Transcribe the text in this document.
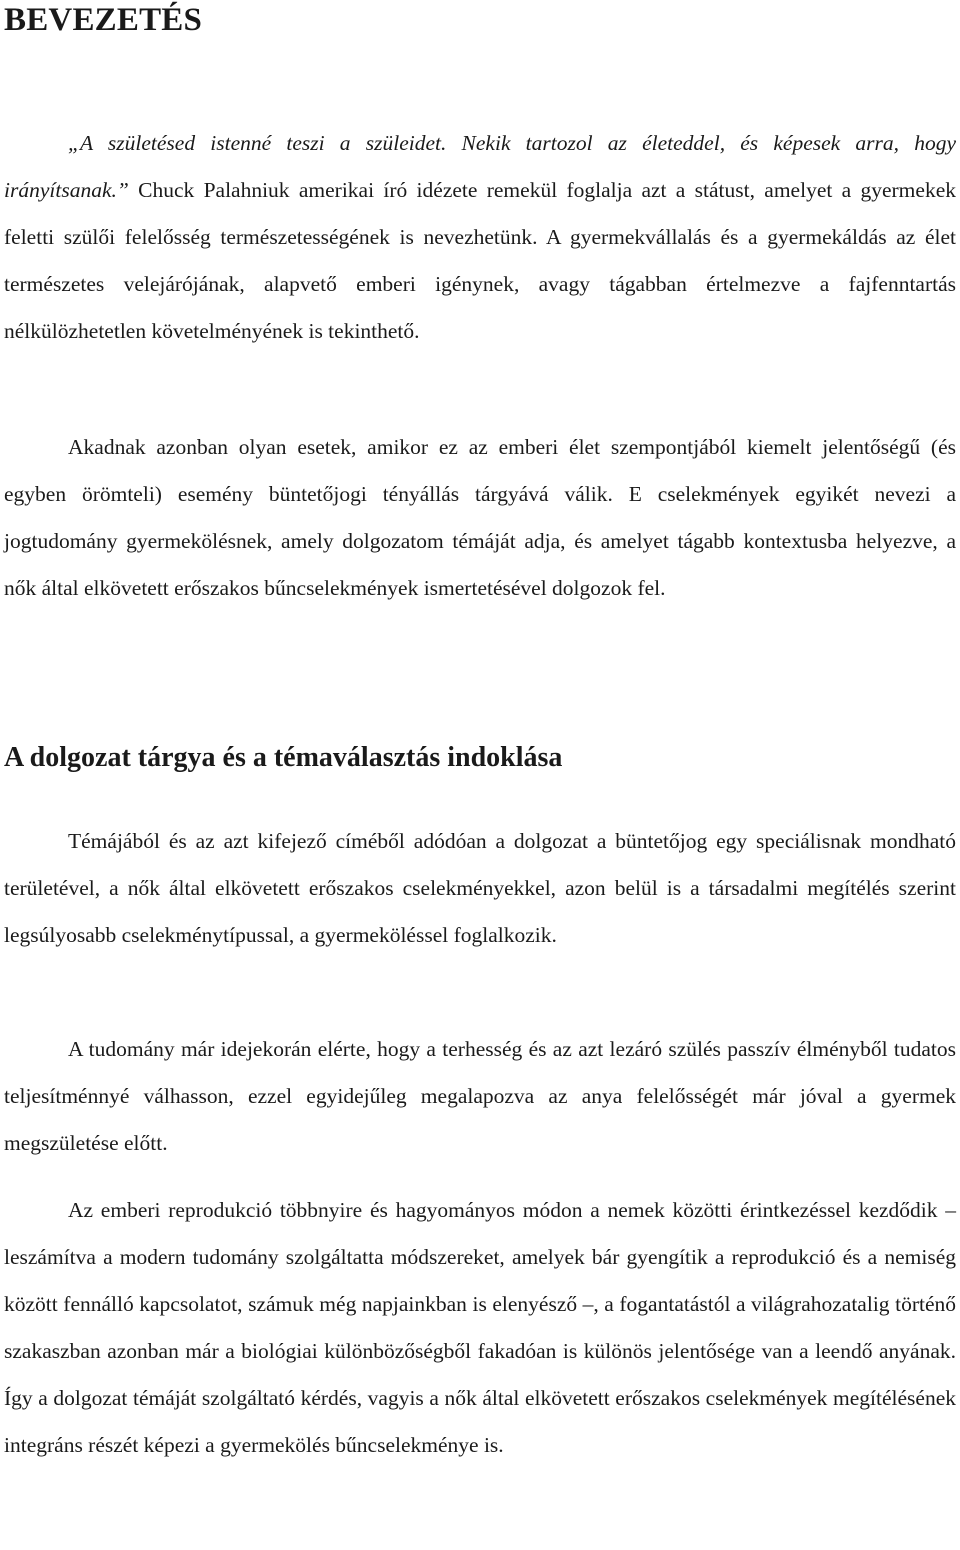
BEVEZETÉS

„A születésed istenné teszi a szüleidet. Nekik tartozol az életeddel, és képesek arra, hogy irányítsanak.” Chuck Palahniuk amerikai író idézete remekül foglalja azt a státust, amelyet a gyermekek feletti szülői felelősség természetességének is nevezhetünk. A gyermekvállalás és a gyermekáldás az élet természetes velejárójának, alapvető emberi igénynek, avagy tágabban értelmezve a fajfenntartás nélkülözhetetlen követelményének is tekinthető.

Akadnak azonban olyan esetek, amikor ez az emberi élet szempontjából kiemelt jelentőségű (és egyben örömteli) esemény büntetőjogi tényállás tárgyává válik. E cselekmények egyikét nevezi a jogtudomány gyermekölésnek, amely dolgozatom témáját adja, és amelyet tágabb kontextusba helyezve, a nők által elkövetett erőszakos bűncselekmények ismertetésével dolgozok fel.

A dolgozat tárgya és a témaválasztás indoklása

Témájából és az azt kifejező címéből adódóan a dolgozat a büntetőjog egy speciálisnak mondható területével, a nők által elkövetett erőszakos cselekményekkel, azon belül is a társadalmi megítélés szerint legsúlyosabb cselekménytípussal, a gyermeköléssel foglalkozik.

A tudomány már idejekorán elérte, hogy a terhesség és az azt lezáró szülés passzív élményből tudatos teljesítménnyé válhasson, ezzel egyidejűleg megalapozva az anya felelősségét már jóval a gyermek megszületése előtt.

Az emberi reprodukció többnyire és hagyományos módon a nemek közötti érintkezéssel kezdődik – leszámítva a modern tudomány szolgáltatta módszereket, amelyek bár gyengítik a reprodukció és a nemiség között fennálló kapcsolatot, számuk még napjainkban is elenyésző –, a fogantatástól a világrahozatalig történő szakaszban azonban már a biológiai különbözőségből fakadóan is különös jelentősége van a leendő anyának. Így a dolgozat témáját szolgáltató kérdés, vagyis a nők által elkövetett erőszakos cselekmények megítélésének integráns részét képezi a gyermekölés bűncselekménye is.
